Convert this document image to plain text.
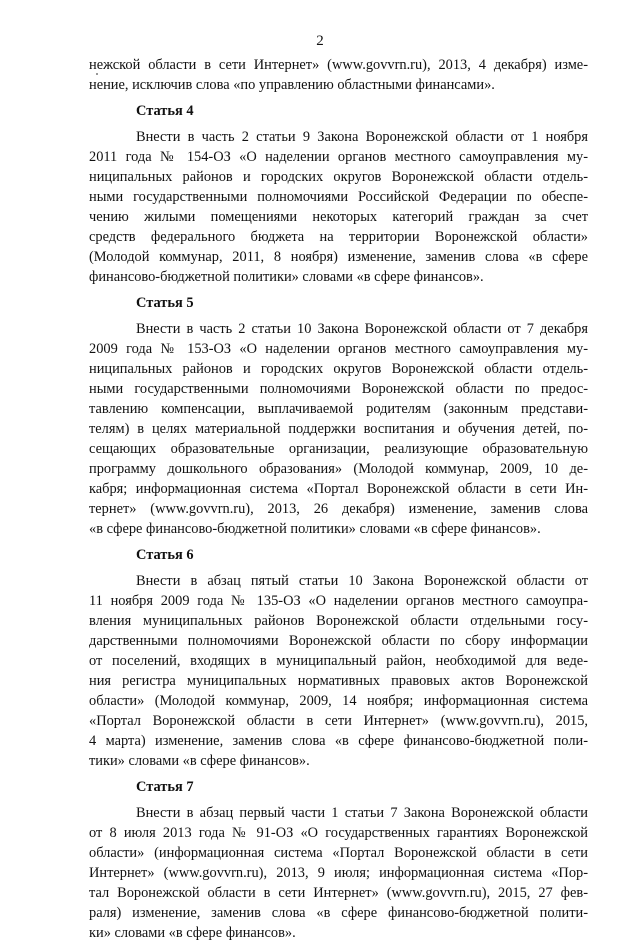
2
нежской области в сети Интернет» (www.govvrn.ru), 2013, 4 декабря) изме-
нение, исключив слова «по управлению областными финансами».
Статья 4
Внести в часть 2 статьи 9 Закона Воронежской области от 1 ноября
2011 года № 154-ОЗ «О наделении органов местного самоуправления му-
ниципальных районов и городских округов Воронежской области отдель-
ными государственными полномочиями Российской Федерации по обеспе-
чению жилыми помещениями некоторых категорий граждан за счет
средств федерального бюджета на территории Воронежской области»
(Молодой коммунар, 2011, 8 ноября) изменение, заменив слова «в сфере
финансово-бюджетной политики» словами «в сфере финансов».
Статья 5
Внести в часть 2 статьи 10 Закона Воронежской области от 7 декабря
2009 года № 153-ОЗ «О наделении органов местного самоуправления му-
ниципальных районов и городских округов Воронежской области отдель-
ными государственными полномочиями Воронежской области по предос-
тавлению компенсации, выплачиваемой родителям (законным представи-
телям) в целях материальной поддержки воспитания и обучения детей, по-
сещающих образовательные организации, реализующие образовательную
программу дошкольного образования» (Молодой коммунар, 2009, 10 де-
кабря; информационная система «Портал Воронежской области в сети Ин-
тернет» (www.govvrn.ru), 2013, 26 декабря) изменение, заменив слова
«в сфере финансово-бюджетной политики» словами «в сфере финансов».
Статья 6
Внести в абзац пятый статьи 10 Закона Воронежской области от
11 ноября 2009 года № 135-ОЗ «О наделении органов местного самоупра-
вления муниципальных районов Воронежской области отдельными госу-
дарственными полномочиями Воронежской области по сбору информации
от поселений, входящих в муниципальный район, необходимой для веде-
ния регистра муниципальных нормативных правовых актов Воронежской
области» (Молодой коммунар, 2009, 14 ноября; информационная система
«Портал Воронежской области в сети Интернет» (www.govvrn.ru), 2015,
4 марта) изменение, заменив слова «в сфере финансово-бюджетной поли-
тики» словами «в сфере финансов».
Статья 7
Внести в абзац первый части 1 статьи 7 Закона Воронежской области
от 8 июля 2013 года № 91-ОЗ «О государственных гарантиях Воронежской
области» (информационная система «Портал Воронежской области в сети
Интернет» (www.govvrn.ru), 2013, 9 июля; информационная система «Пор-
тал Воронежской области в сети Интернет» (www.govvrn.ru), 2015, 27 фев-
раля) изменение, заменив слова «в сфере финансово-бюджетной полити-
ки» словами «в сфере финансов».
